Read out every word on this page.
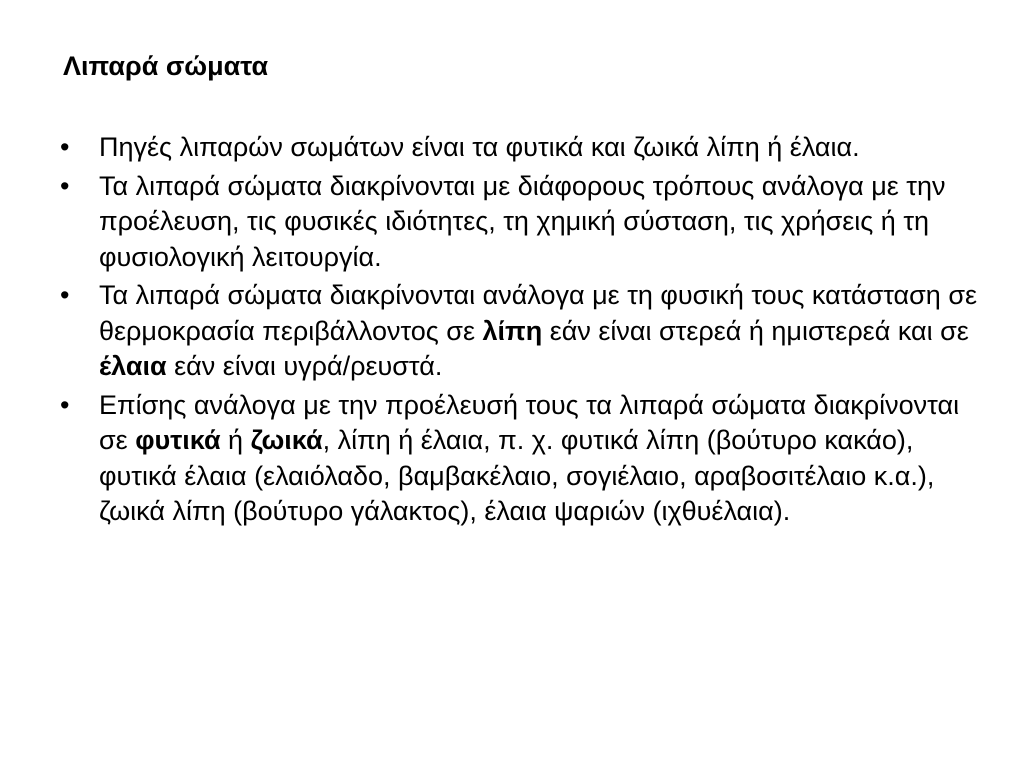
Λιπαρά σώματα
• Πηγές λιπαρών σωμάτων είναι τα φυτικά και ζωικά λίπη ή έλαια.
• Τα λιπαρά σώματα διακρίνονται με διάφορους τρόπους ανάλογα με την προέλευση, τις φυσικές ιδιότητες, τη χημική σύσταση, τις χρήσεις ή τη φυσιολογική λειτουργία.
• Τα λιπαρά σώματα διακρίνονται ανάλογα με τη φυσική τους κατάσταση σε θερμοκρασία περιβάλλοντος σε λίπη εάν είναι στερεά ή ημιστερεά και σε έλαια εάν είναι υγρά/ρευστά.
• Επίσης ανάλογα με την προέλευσή τους τα λιπαρά σώματα διακρίνονται σε φυτικά ή ζωικά, λίπη ή έλαια, π. χ. φυτικά λίπη (βούτυρο κακάο), φυτικά έλαια (ελαιόλαδο, βαμβακέλαιο, σογιέλαιο, αραβοσιτέλαιο κ.α.), ζωικά λίπη (βούτυρο γάλακτος), έλαια ψαριών (ιχθυέλαια).
